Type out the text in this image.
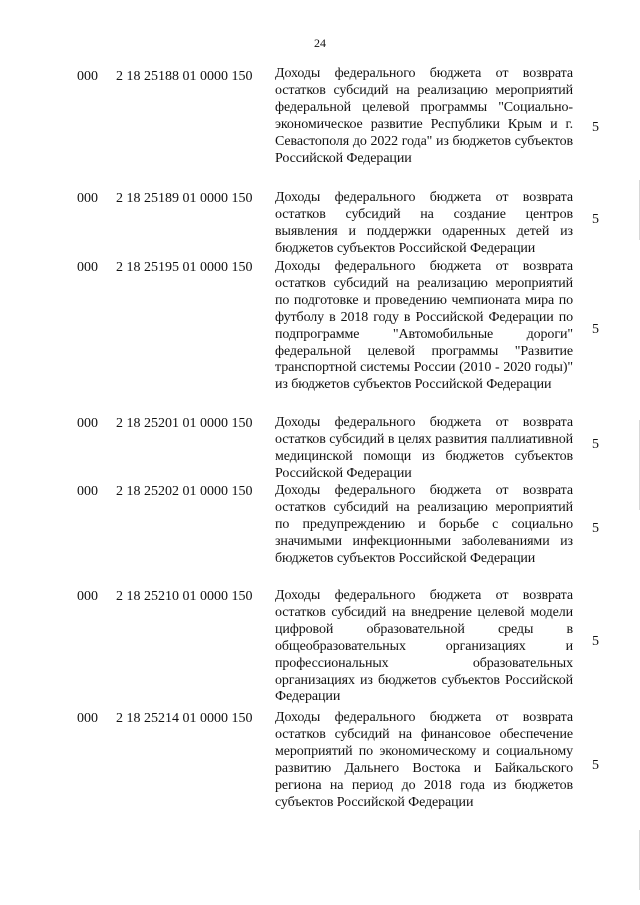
24
000 2 18 25188 01 0000 150 Доходы федерального бюджета от возврата остатков субсидий на реализацию мероприятий федеральной целевой программы "Социально-экономическое развитие Республики Крым и г. Севастополя до 2022 года" из бюджетов субъектов Российской Федерации
5
000 2 18 25189 01 0000 150 Доходы федерального бюджета от возврата остатков субсидий на создание центров выявления и поддержки одаренных детей из бюджетов субъектов Российской Федерации
5
000 2 18 25195 01 0000 150 Доходы федерального бюджета от возврата остатков субсидий на реализацию мероприятий по подготовке и проведению чемпионата мира по футболу в 2018 году в Российской Федерации по подпрограмме "Автомобильные дороги" федеральной целевой программы "Развитие транспортной системы России (2010 - 2020 годы)" из бюджетов субъектов Российской Федерации
5
000 2 18 25201 01 0000 150 Доходы федерального бюджета от возврата остатков субсидий в целях развития паллиативной медицинской помощи из бюджетов субъектов Российской Федерации
5
000 2 18 25202 01 0000 150 Доходы федерального бюджета от возврата остатков субсидий на реализацию мероприятий по предупреждению и борьбе с социально значимыми инфекционными заболеваниями из бюджетов субъектов Российской Федерации
5
000 2 18 25210 01 0000 150 Доходы федерального бюджета от возврата остатков субсидий на внедрение целевой модели цифровой образовательной среды в общеобразовательных организациях и профессиональных образовательных организациях из бюджетов субъектов Российской Федерации
5
000 2 18 25214 01 0000 150 Доходы федерального бюджета от возврата остатков субсидий на финансовое обеспечение мероприятий по экономическому и социальному развитию Дальнего Востока и Байкальского региона на период до 2018 года из бюджетов субъектов Российской Федерации
5
